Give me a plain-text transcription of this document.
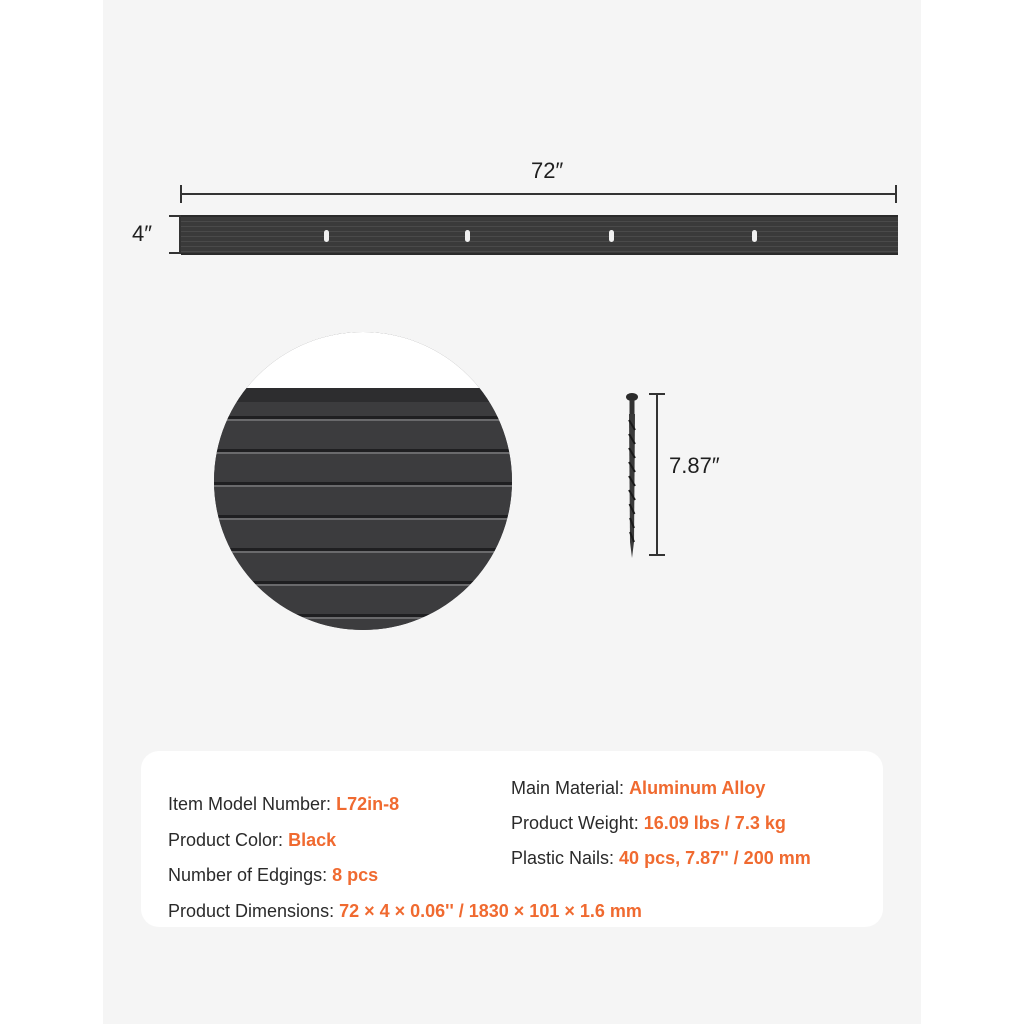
72″
4″
7.87″
Item Model Number: L72in-8
Product Color: Black
Number of Edgings: 8 pcs
Product Dimensions: 72 × 4 × 0.06'' / 1830 × 101 × 1.6 mm
Main Material: Aluminum Alloy
Product Weight: 16.09 lbs / 7.3 kg
Plastic Nails: 40 pcs, 7.87'' / 200 mm
